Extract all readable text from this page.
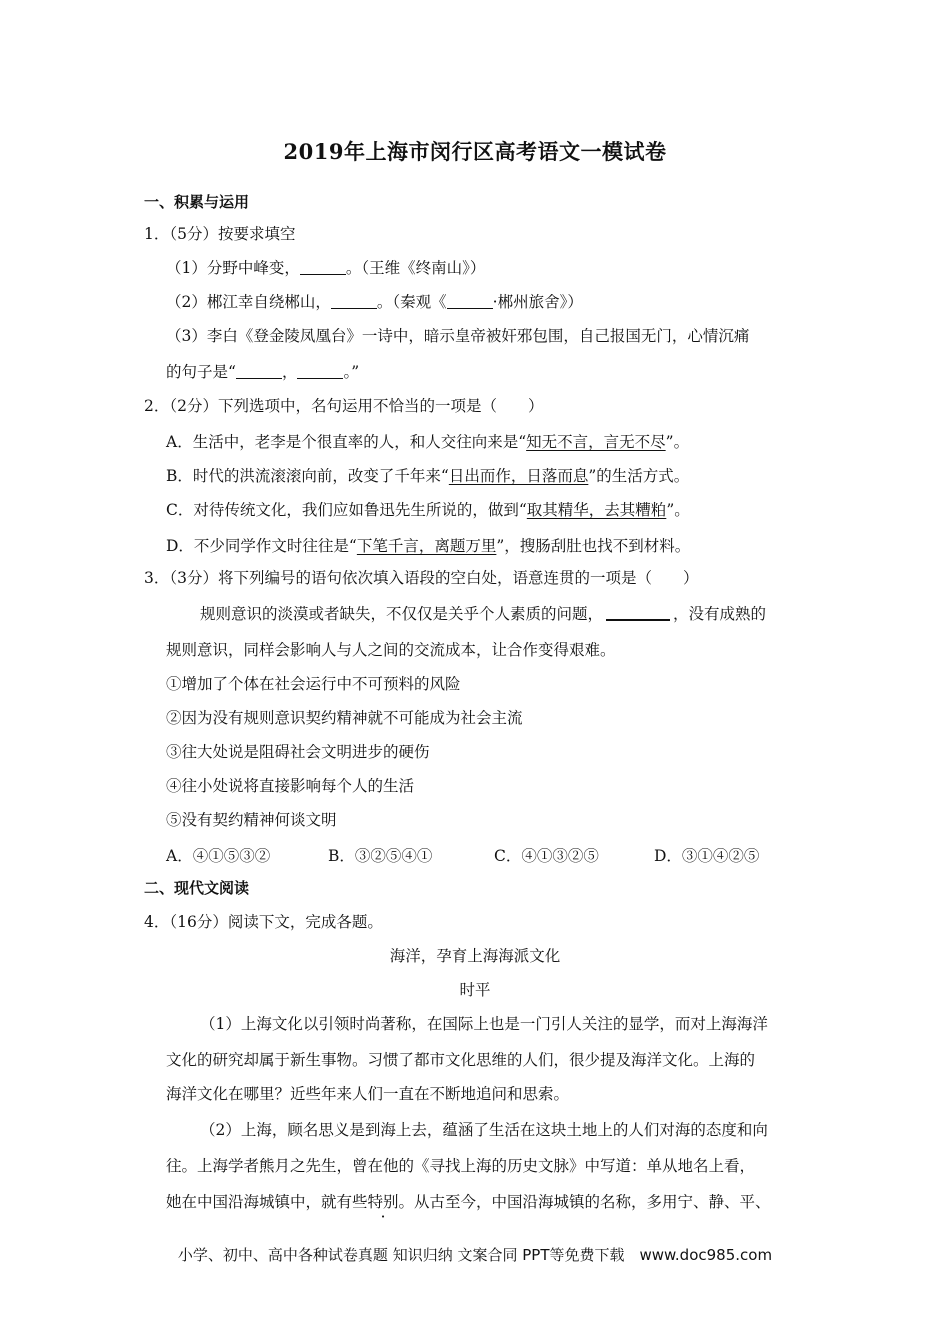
2019年上海市闵行区高考语文一模试卷
一、积累与运用
1．（5分）按要求填空
（1）分野中峰变，	。（王维《终南山》）
（2）郴江幸自绕郴山，	。（秦观《	·郴州旅舍》）
（3）李白《登金陵凤凰台》一诗中，暗示皇帝被奸邪包围，自己报国无门，心情沉痛
的句子是“	，	。”
2．（2分）下列选项中，名句运用不恰当的一项是（　　）
A．生活中，老李是个很直率的人，和人交往向来是“知无不言，言无不尽”。
B．时代的洪流滚滚向前，改变了千年来“日出而作，日落而息”的生活方式。
C．对待传统文化，我们应如鲁迅先生所说的，做到“取其精华，去其糟粕”。
D．不少同学作文时往往是“下笔千言，离题万里”，搜肠刮肚也找不到材料。
3．（3分）将下列编号的语句依次填入语段的空白处，语意连贯的一项是（　　）
规则意识的淡漠或者缺失，不仅仅是关乎个人素质的问题，	，没有成熟的
规则意识，同样会影响人与人之间的交流成本，让合作变得艰难。
①增加了个体在社会运行中不可预料的风险
②因为没有规则意识契约精神就不可能成为社会主流
③往大处说是阻碍社会文明进步的硬伤
④往小处说将直接影响每个人的生活
⑤没有契约精神何谈文明
A．④①⑤③②	B．③②⑤④①	C．④①③②⑤	D．③①④②⑤
二、现代文阅读
4．（16分）阅读下文，完成各题。
海洋，孕育上海海派文化
时平
（1）上海文化以引领时尚著称，在国际上也是一门引人关注的显学，而对上海海洋
文化的研究却属于新生事物。习惯了都市文化思维的人们，很少提及海洋文化。上海的
海洋文化在哪里？近些年来人们一直在不断地追问和思索。
（2）上海，顾名思义是到海上去，蕴涵了生活在这块土地上的人们对海的态度和向
往。上海学者熊月之先生，曾在他的《寻找上海的历史文脉》中写道：单从地名上看，
她在中国沿海城镇中，就有些特别。从古至今，中国沿海城镇的名称，多用宁、静、平、
小学、初中、高中各种试卷真题 知识归纳 文案合同 PPT等免费下载　www.doc985.com
